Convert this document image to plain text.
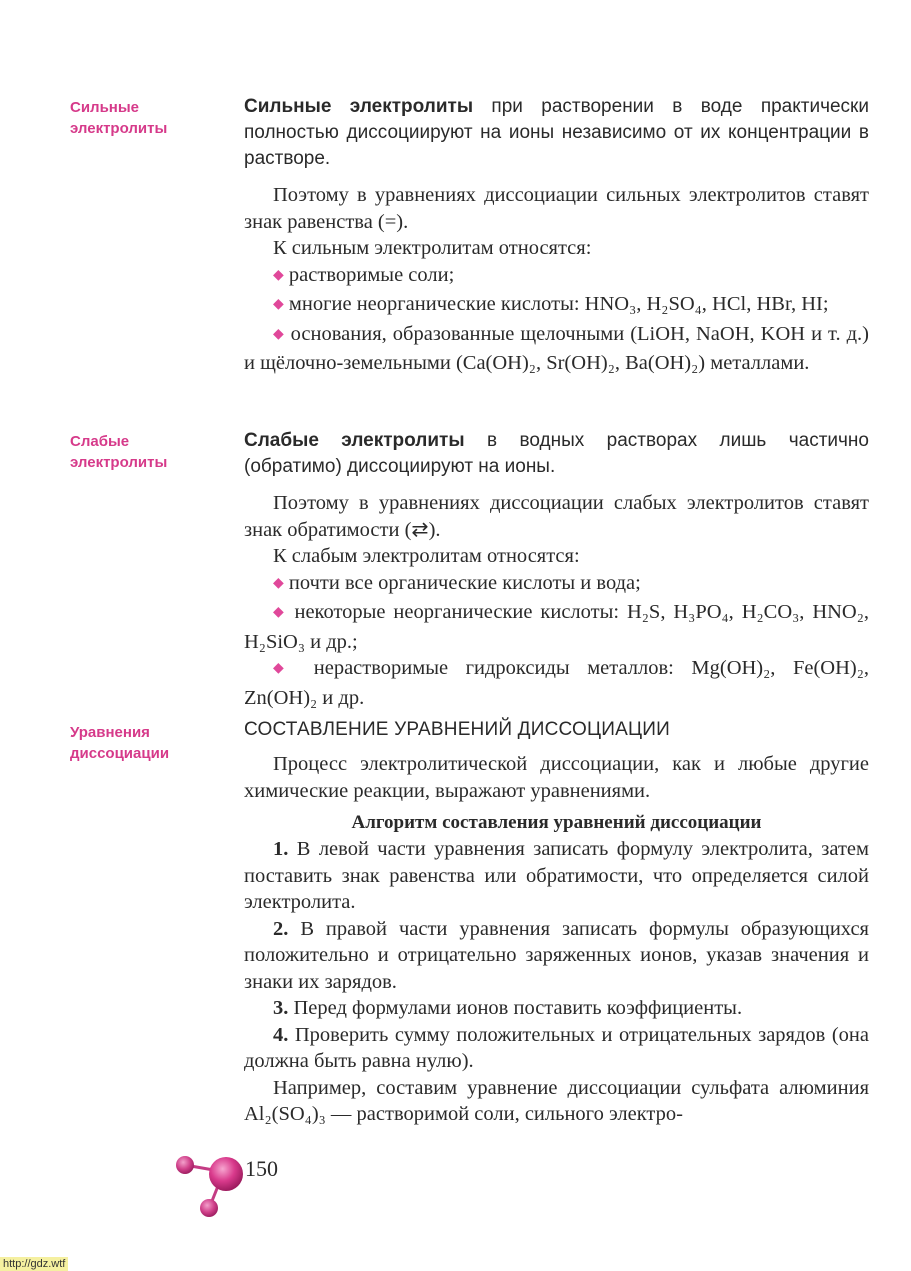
Сильные
электролиты
Слабые
электролиты
Уравнения
диссоциации

Сильные электролиты при растворении в воде практически полностью диссоциируют на ионы независимо от их концентрации в растворе.

Поэтому в уравнениях диссоциации сильных электролитов ставят знак равенства (=).

К сильным электролитам относятся:

◆ растворимые соли;

◆ многие неорганические кислоты: HNO₃, H₂SO₄, HCl, HBr, HI;

◆ основания, образованные щелочными (LiOH, NaOH, KOH и т. д.) и щёлочно-земельными (Ca(OH)₂, Sr(OH)₂, Ba(OH)₂) металлами.

Слабые электролиты в водных растворах лишь частично (обратимо) диссоциируют на ионы.

Поэтому в уравнениях диссоциации слабых электролитов ставят знак обратимости (⇄).

К слабым электролитам относятся:

◆ почти все органические кислоты и вода;

◆ некоторые неорганические кислоты: H₂S, H₃PO₄, H₂CO₃, HNO₂, H₂SiO₃ и др.;

◆ нерастворимые гидроксиды металлов: Mg(OH)₂, Fe(OH)₂, Zn(OH)₂ и др.

СОСТАВЛЕНИЕ УРАВНЕНИЙ ДИССОЦИАЦИИ

Процесс электролитической диссоциации, как и любые другие химические реакции, выражают уравнениями.

Алгоритм составления уравнений диссоциации

1. В левой части уравнения записать формулу электролита, затем поставить знак равенства или обратимости, что определяется силой электролита.

2. В правой части уравнения записать формулы образующихся положительно и отрицательно заряженных ионов, указав значения и знаки их зарядов.

3. Перед формулами ионов поставить коэффициенты.

4. Проверить сумму положительных и отрицательных зарядов (она должна быть равна нулю).

Например, составим уравнение диссоциации сульфата алюминия Al₂(SO₄)₃ — растворимой соли, сильного электро-

150
http://gdz.wtf
